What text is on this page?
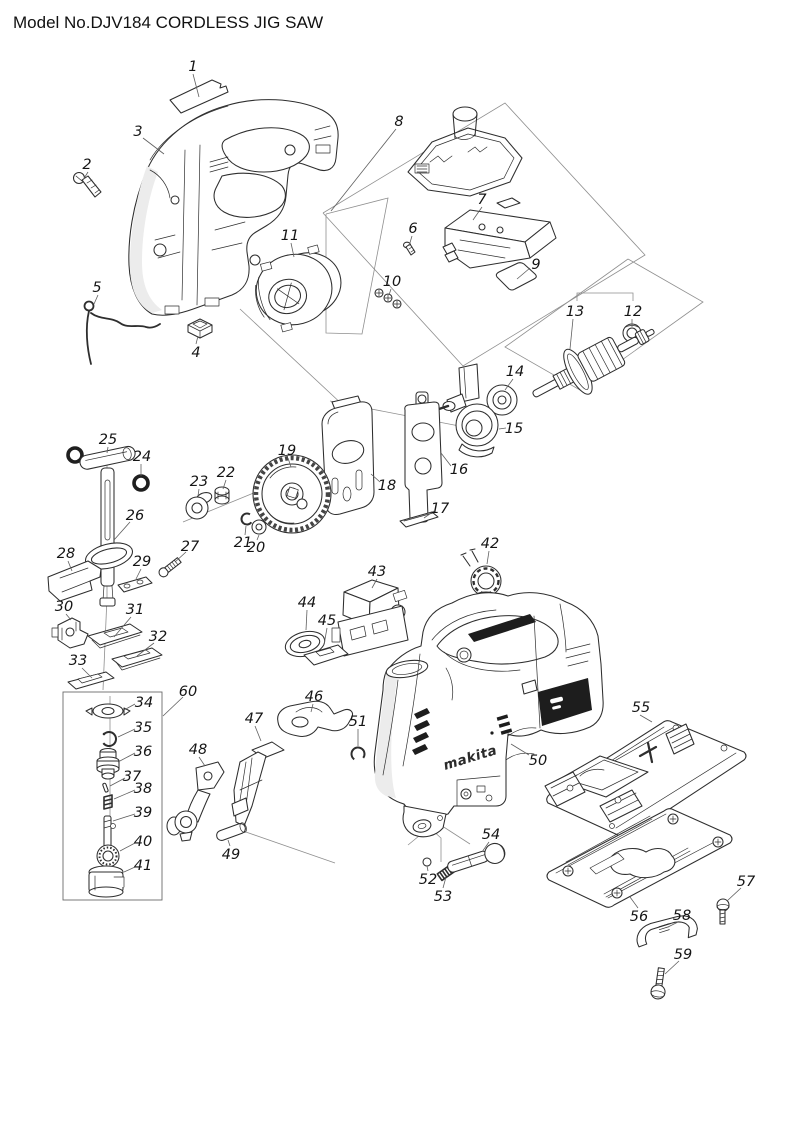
Model No.DJV184 CORDLESS JIG SAW
makita
1
2
3
4
5
6
7
8
9
10
11
12
13
14
15
16
17
18
19
20
21
22
23
24
25
26
27
28	29
30	31
32
33
34
35
36
37
38
39
40
41
42
43
44
45
46
47
48
49
50
51
52
53
54
55
56
57
58
59
60
